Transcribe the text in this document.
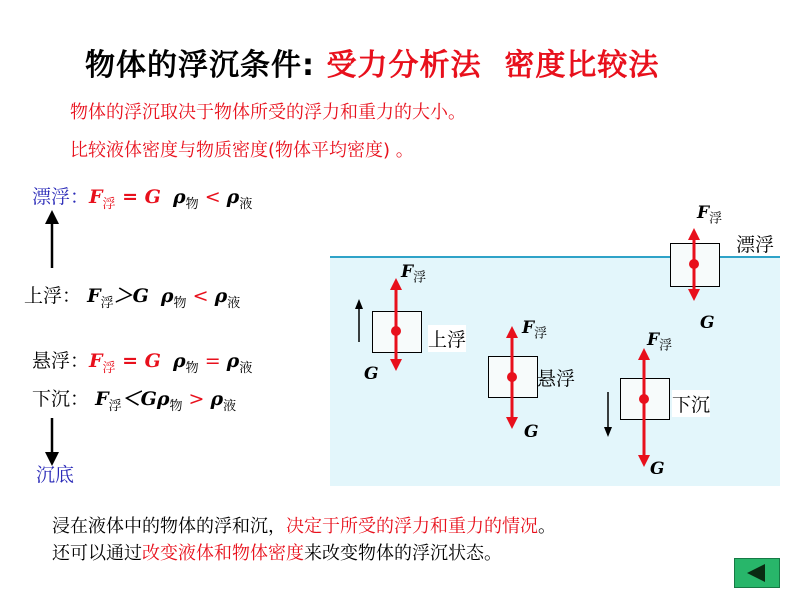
物体的浮沉条件: 受力分析法 密度比较法
物体的浮沉取决于物体所受的浮力和重力的大小。
比较液体密度与物质密度(物体平均密度) 。
漂浮：$F_浮 = G$ $\rho_物 < \rho_液$
上浮： $F_浮>G$ $\rho_物 < \rho_液$
悬浮：$F_浮 = G$ $\rho_物 = \rho_液$
下沉： $F_浮<G\rho_物 > \rho_液$
沉底
$F_浮$
G
$F_浮$
G
$F_浮$
G
$F_浮$
G
上浮
悬浮
下沉
漂浮
浸在液体中的物体的浮和沉，决定于所受的浮力和重力的情况。
还可以通过改变液体和物体密度来改变物体的浮沉状态。
